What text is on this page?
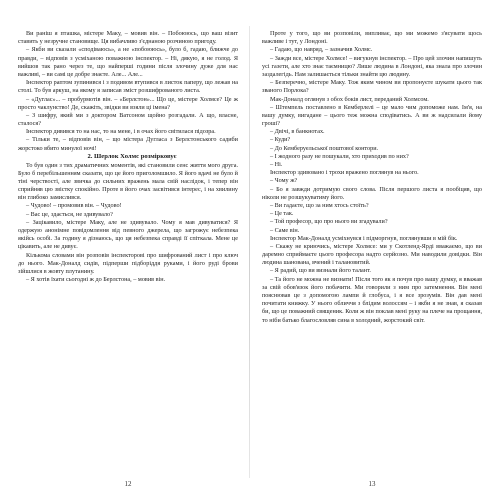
Ви раніш я пташка, містере Маку, – мовив він. – Побоююсь, що ваш візит ставить у незручне становище. Ця вибачливо з'єднаною розчиною пригоду.

– Якби ви сказали «сподіваюсь», а не «побоююсь», було б, гадаю, ближче до правди, – відповів з усміханою поважною інспектор. – Ні, дякую, я не голод. Я вийшов так рано через те, що найперші години після злочину дуже для нас важливі, – ви самі це добре знаєте. Але... Але...

Інспектор раптом зупинився і з подивом втупився в листок паперу, що лежав на столі. То був аркуш, на якому я записав зміст розшифрованого листа.

– «Дуглас»... – пробурмотів він. – «Берлстон»... Що це, містере Холмсе? Це ж просто чаклунство! Де, скажіть, звідки ви взяли ці імена?

– З шифру, який ми з доктором Ватсоном щойно розгадали. А що, власне, сталося?

Інспектор дивився то на нас, то на мене, і в очах його світилася підозра.

– Тільки те, – відповів він, – що містера Дугласа з Берлстонського садиби жорстоко вбито минулої ночі!

2. Шерлок Холмс розмірковує

То був один з тих драматичних моментів, які становили сенс життя мого друга. Було б перебільшенням сказати, що це його приголомшило. Я його вдачі не було й тіні черствості, але звичка до сильних вражень мала свій наслідок, і тепер він сприйняв цю звістку спокійно. Проте в його очах засвітився інтерес, і на хвилину він глибоко замислився.

– Чудово! – промовив він. – Чудово!

– Вас це, здається, не здивувало?

– Зацікавило, містере Маку, але не здивувало. Чому я мав дивуватися? Я одержую анонімне повідомлення від певного джерела, що загрожує небезпека якійсь особі. За годину я дізнаюсь, що ця небезпека справді її спіткала. Мене це цікавить, але не дивує.

Кількома словами він розповів інспекторові про шифрований лист і про ключ до нього. Мак-Доналд сидів, підперши підборіддя руками, і його руді брови зійшлися в жовту плутанину.

– Я хотів їхати сьогодні ж до Берлстона, – мовив він.

Проте у того, що ви розповіли, випливає, що ми можемо з'ясувати щось важливе і тут, у Лондоні.

– Гадаю, що навряд, – зазначив Холмс.

– Зажди все, містере Холмсе! – вигукнув інспектор. – Про цей злочин напишуть усі газети, але хто знає таємницю? Лише людина в Лондоні, яка знала про злочин заздалегідь. Нам залишається тільки знайти цю людину.

– Безперечно, містере Маку. Тож яким чином ви пропонуєте шукати цього так званого Порлока?

Мак-Доналд оглянув з обох боків лист, переданий Холмсом.

– Штемпель поставлено в Кемберлелі – це мало чим допоможе нам. Ім'я, на вашу думку, вигадане – цього теж можна сподіватись. А ви ж надсилали йому гроші?

– Двічі, в банкнотах.

– Куди?

– До Кемберуельської поштової контори.

– І жодного разу не пошукали, хто приходив по них?

– Ні.

Інспектор здивовано і трохи вражено поглянув на нього.

– Чому ж?

– Бо я завжди дотримую свого слова. Після першого листа я пообіцяв, що ніколи не розшукуватиму його.

– Ви гадаєте, що за ним хтось стоїть?

– Це так.

– Той професор, що про нього ви згадували?

– Саме він.

Інспектор Мак-Доналд усміхнувся і підморгнув, поглянувши в мій бік.

– Скажу не криючись, містере Холмсе: ми у Скотленд-Ярді вважаємо, що ви даремно сприймаєте цього професора надто серйозно. Ми наводили довідки. Він людина шанована, вчений і талановитий.

– Я радий, що ви визнали його талант.

– Та його не можна не визнати! Після того як я почув про вашу думку, я вважав за свій обов'язок його побачити. Ми говорили з ним про затемнення. Він мені пояснював це з допомогою лампи й глобуса, і я все зрозумів. Він дав мені почитати книжку. У нього обличчя з блідим волоссям – і якби я не знав, я сказав би, що це поважний священик. Коли ж він поклав мені руку на плече на прощання, то ніби батько благословляв сина в холодний, жорстокий світ.

12	13
